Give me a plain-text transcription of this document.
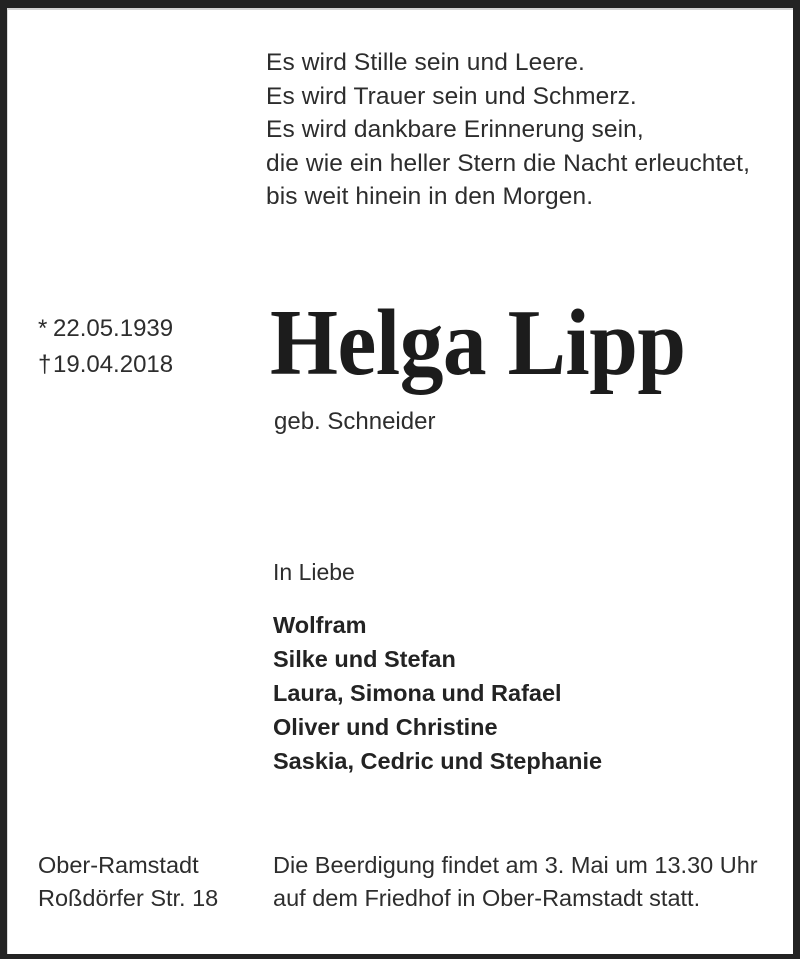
Es wird Stille sein und Leere.
Es wird Trauer sein und Schmerz.
Es wird dankbare Erinnerung sein,
die wie ein heller Stern die Nacht erleuchtet,
bis weit hinein in den Morgen.
* 22.05.1939
†19.04.2018 Helga Lipp
geb. Schneider
In Liebe
Wolfram
Silke und Stefan
Laura, Simona und Rafael
Oliver und Christine
Saskia, Cedric und Stephanie
Ober-Ramstadt
Roßdörfer Str. 18
Die Beerdigung findet am 3. Mai um 13.30 Uhr
auf dem Friedhof in Ober-Ramstadt statt.
